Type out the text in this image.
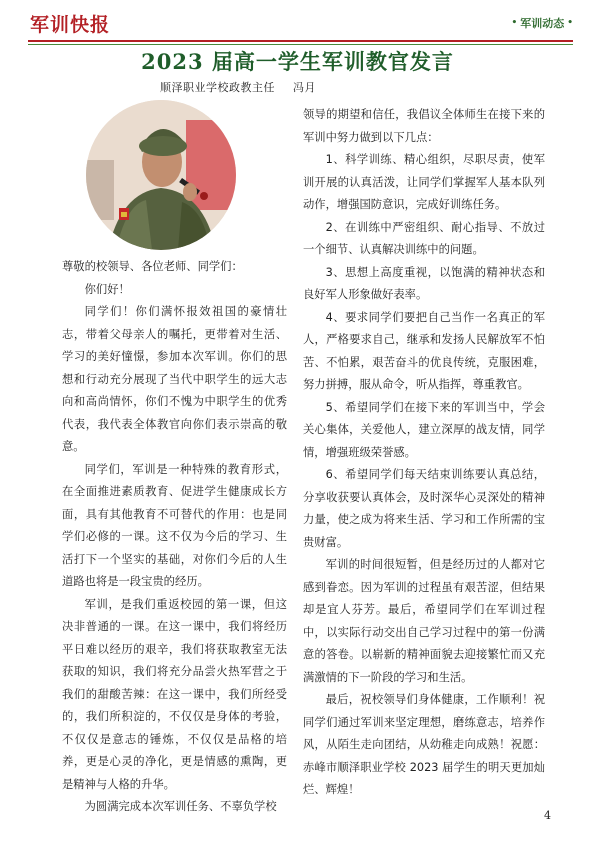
军训快报	• 军训动态 •
2023 届高一学生军训教官发言
顺泽职业学校政教主任 冯月

尊敬的校领导、各位老师、同学们：

你们好！

同学们！你们满怀报效祖国的豪情壮志，带着父母亲人的嘱托，更带着对生活、学习的美好憧憬，参加本次军训。你们的思想和行动充分展现了当代中职学生的远大志向和高尚情怀，你们不愧为中职学生的优秀代表，我代表全体教官向你们表示崇高的敬意。

同学们，军训是一种特殊的教育形式，在全面推进素质教育、促进学生健康成长方面，具有其他教育不可替代的作用：也是同学们必修的一课。这不仅为今后的学习、生活打下一个坚实的基础，对你们今后的人生道路也将是一段宝贵的经历。

军训，是我们重返校园的第一课，但这决非普通的一课。在这一课中，我们将经历平日难以经历的艰辛，我们将获取教室无法获取的知识，我们将充分品尝火热军营之于我们的甜酸苦辣：在这一课中，我们所经受的，我们所积淀的，不仅仅是身体的考验，不仅仅是意志的锤炼，不仅仅是品格的培养，更是心灵的净化，更是情感的熏陶，更是精神与人格的升华。

为圆满完成本次军训任务、不辜负学校

领导的期望和信任，我倡议全体师生在接下来的军训中努力做到以下几点：

1、科学训练、精心组织，尽职尽责，使军训开展的认真活泼，让同学们掌握军人基本队列动作，增强国防意识，完成好训练任务。

2、在训练中严密组织、耐心指导、不放过一个细节、认真解决训练中的问题。

3、思想上高度重视，以饱满的精神状态和良好军人形象做好表率。

4、要求同学们要把自己当作一名真正的军人，严格要求自己，继承和发扬人民解放军不怕苦、不怕累，艰苦奋斗的优良传统，克服困难，努力拼搏，服从命令，听从指挥，尊重教官。

5、希望同学们在接下来的军训当中，学会关心集体，关爱他人，建立深厚的战友情，同学情，增强班级荣誉感。

6、希望同学们每天结束训练要认真总结，分享收获要认真体会，及时深华心灵深处的精神力量，使之成为将来生活、学习和工作所需的宝贵财富。

军训的时间很短暂，但是经历过的人都对它感到眷恋。因为军训的过程虽有艰苦涩，但结果却是宜人芬芳。最后，希望同学们在军训过程中，以实际行动交出自己学习过程中的第一份满意的答卷。以崭新的精神面貌去迎接繁忙而又充满激情的下一阶段的学习和生活。

最后，祝校领导们身体健康，工作顺利！祝同学们通过军训来坚定理想，磨练意志，培养作风，从陌生走向团结，从幼稚走向成熟！祝愿：赤峰市顺泽职业学校 2023 届学生的明天更加灿烂、辉煌！

4
